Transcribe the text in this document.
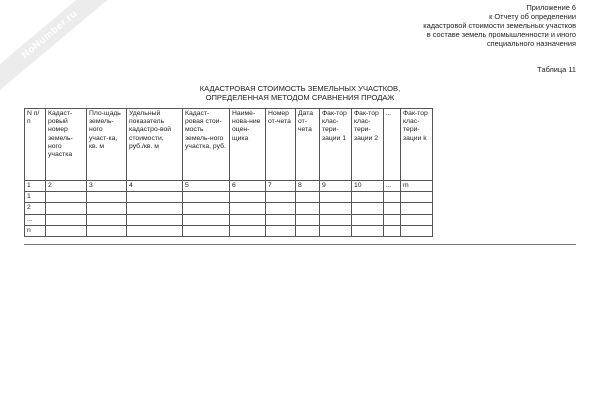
NoNumber.ru
Приложение 6
к Отчету об определении
кадастровой стоимости земельных участков
в составе земель промышленности и иного
специального назначения
Таблица 11
КАДАСТРОВАЯ СТОИМОСТЬ ЗЕМЕЛЬНЫХ УЧАСТКОВ,
ОПРЕДЕЛЕННАЯ МЕТОДОМ СРАВНЕНИЯ ПРОДАЖ
N п/п	Кадаст-ровый номер земель-ного участка	Пло-щадь земель-ного участ-ка, кв. м	Удельный показатель кадастро-вой стоимости, руб./кв. м	Кадаст-ровая стои-мость земель-ного участка, руб.	Наиме-нова-ние оцен-щика	Номер от-чета	Дата от-чета	Фак-тор клас-тери-зации 1	Фак-тор клас-тери-зации 2	...	Фак-тор клас-тери-зации k
1	2	3	4	5	6	7	8	9	10	...	m
1											
2											
...											
n											
